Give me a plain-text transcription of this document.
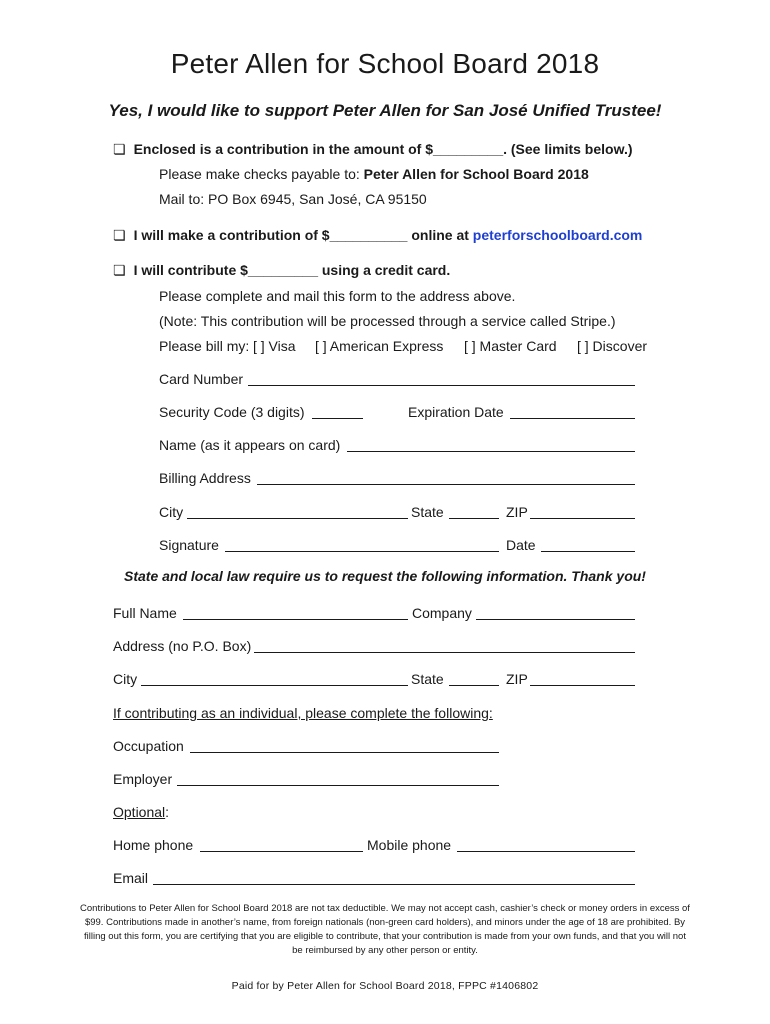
Peter Allen for School Board 2018
Yes, I would like to support Peter Allen for San José Unified Trustee!
❏ Enclosed is a contribution in the amount of $_________. (See limits below.)
Please make checks payable to: Peter Allen for School Board 2018
Mail to: PO Box 6945, San José, CA 95150
❏ I will make a contribution of $__________ online at peterforschoolboard.com
❏ I will contribute $_________ using a credit card.
Please complete and mail this form to the address above.
(Note: This contribution will be processed through a service called Stripe.)
Please bill my: [ ] Visa [ ] American Express [ ] Master Card [ ] Discover
Card Number
Security Code (3 digits)	Expiration Date
Name (as it appears on card)
Billing Address
City	State	ZIP
Signature	Date
State and local law require us to request the following information. Thank you!
Full Name	Company
Address (no P.O. Box)
City	State	ZIP
If contributing as an individual, please complete the following:
Occupation
Employer
Optional:
Home phone	Mobile phone
Email
Contributions to Peter Allen for School Board 2018 are not tax deductible. We may not accept cash, cashier’s check or money orders in excess of $99. Contributions made in another’s name, from foreign nationals (non-green card holders), and minors under the age of 18 are prohibited. By filling out this form, you are certifying that you are eligible to contribute, that your contribution is made from your own funds, and that you will not be reimbursed by any other person or entity.
Paid for by Peter Allen for School Board 2018, FPPC #1406802
